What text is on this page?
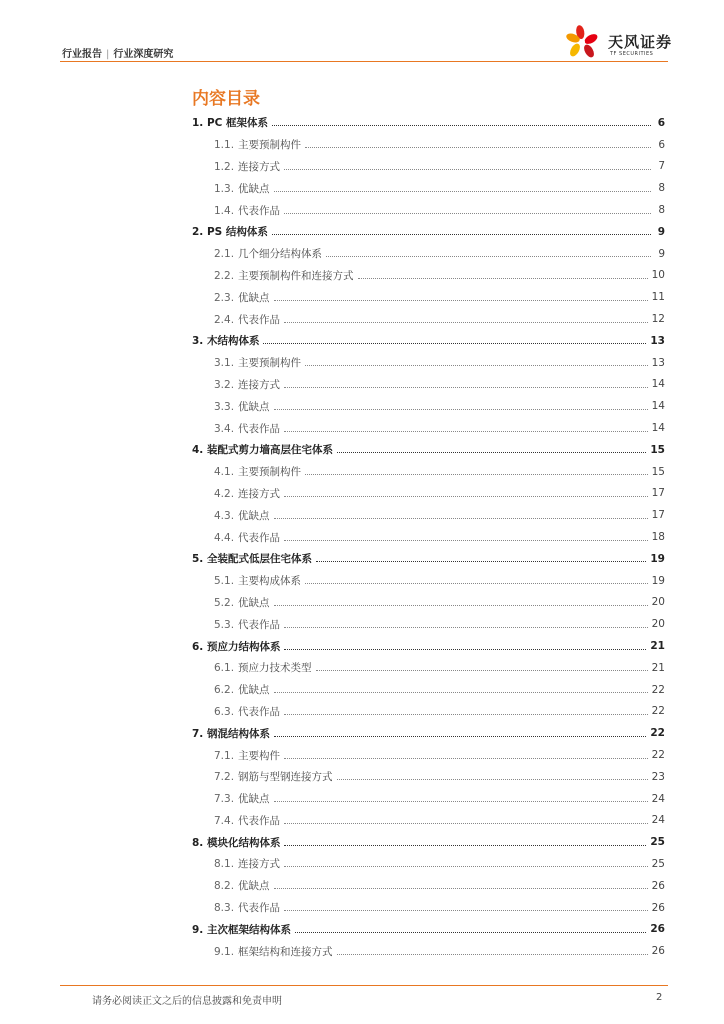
行业报告 | 行业深度研究
天风证券
TF SECURITIES
内容目录
1. PC 框架体系	6
1.1. 主要预制构件	6
1.2. 连接方式	7
1.3. 优缺点	8
1.4. 代表作品	8
2. PS 结构体系	9
2.1. 几个细分结构体系	9
2.2. 主要预制构件和连接方式	10
2.3. 优缺点	11
2.4. 代表作品	12
3. 木结构体系	13
3.1. 主要预制构件	13
3.2. 连接方式	14
3.3. 优缺点	14
3.4. 代表作品	14
4. 装配式剪力墙高层住宅体系	15
4.1. 主要预制构件	15
4.2. 连接方式	17
4.3. 优缺点	17
4.4. 代表作品	18
5. 全装配式低层住宅体系	19
5.1. 主要构成体系	19
5.2. 优缺点	20
5.3. 代表作品	20
6. 预应力结构体系	21
6.1. 预应力技术类型	21
6.2. 优缺点	22
6.3. 代表作品	22
7. 钢混结构体系	22
7.1. 主要构件	22
7.2. 钢筋与型钢连接方式	23
7.3. 优缺点	24
7.4. 代表作品	24
8. 模块化结构体系	25
8.1. 连接方式	25
8.2. 优缺点	26
8.3. 代表作品	26
9. 主次框架结构体系	26
9.1. 框架结构和连接方式	26
请务必阅读正文之后的信息披露和免责申明	2
